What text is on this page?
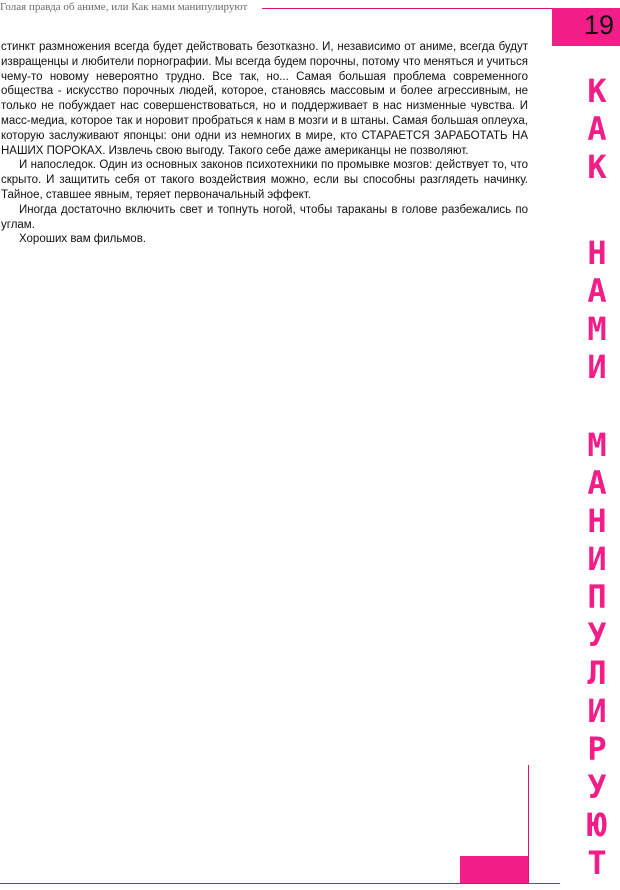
Голая правда об аниме, или Как нами манипулируют
19

стинкт размножения всегда будет действовать безотказно. И, независимо от аниме, всегда будут извращенцы и любители порнографии. Мы всегда будем порочны, потому что меняться и учиться чему-то новому невероятно трудно. Все так, но... Самая большая проблема современного общества - искусство порочных людей, которое, становясь массовым и более агрессивным, не только не побуждает нас совершенствоваться, но и поддерживает в нас низменные чувства. И масс-медиа, которое так и норовит пробраться к нам в мозги и в штаны. Самая большая оплеуха, которую заслуживают японцы: они одни из немногих в мире, кто СТАРАЕТСЯ ЗАРАБОТАТЬ НА НАШИХ ПОРОКАХ. Извлечь свою выгоду. Такого себе даже американцы не позволяют.

И напоследок. Один из основных законов психотехники по промывке мозгов: действует то, что скрыто. И защитить себя от такого воздействия можно, если вы способны разглядеть начинку. Тайное, ставшее явным, теряет первоначальный эффект.

Иногда достаточно включить свет и топнуть ногой, чтобы тараканы в голове разбежались по углам.

Хороших вам фильмов.

К
А
К
Н
А
М
И
М
А
Н
И
П
У
Л
И
Р
У
Ю
Т
